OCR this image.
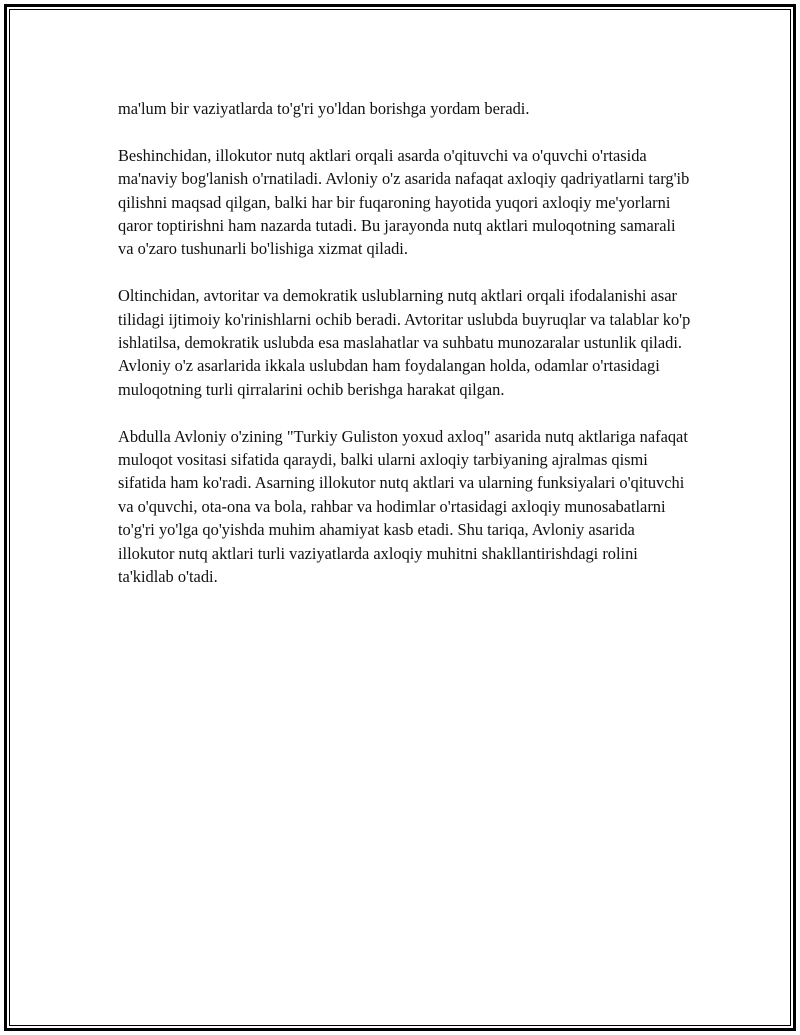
ma'lum bir vaziyatlarda to'g'ri yo'ldan borishga yordam beradi.

Beshinchidan, illokutor nutq aktlari orqali asarda o'qituvchi va o'quvchi o'rtasida ma'naviy bog'lanish o'rnatiladi. Avloniy o'z asarida nafaqat axloqiy qadriyatlarni targ'ib qilishni maqsad qilgan, balki har bir fuqaroning hayotida yuqori axloqiy me'yorlarni qaror toptirishni ham nazarda tutadi. Bu jarayonda nutq aktlari muloqotning samarali va o'zaro tushunarli bo'lishiga xizmat qiladi.

Oltinchidan, avtoritar va demokratik uslublarning nutq aktlari orqali ifodalanishi asar tilidagi ijtimoiy ko'rinishlarni ochib beradi. Avtoritar uslubda buyruqlar va talablar ko'p ishlatilsa, demokratik uslubda esa maslahatlar va suhbatu munozaralar ustunlik qiladi. Avloniy o'z asarlarida ikkala uslubdan ham foydalangan holda, odamlar o'rtasidagi muloqotning turli qirralarini ochib berishga harakat qilgan.

Abdulla Avloniy o'zining "Turkiy Guliston yoxud axloq" asarida nutq aktlariga nafaqat muloqot vositasi sifatida qaraydi, balki ularni axloqiy tarbiyaning ajralmas qismi sifatida ham ko'radi. Asarning illokutor nutq aktlari va ularning funksiyalari o'qituvchi va o'quvchi, ota-ona va bola, rahbar va hodimlar o'rtasidagi axloqiy munosabatlarni to'g'ri yo'lga qo'yishda muhim ahamiyat kasb etadi. Shu tariqa, Avloniy asarida illokutor nutq aktlari turli vaziyatlarda axloqiy muhitni shakllantirishdagi rolini ta'kidlab o'tadi.
